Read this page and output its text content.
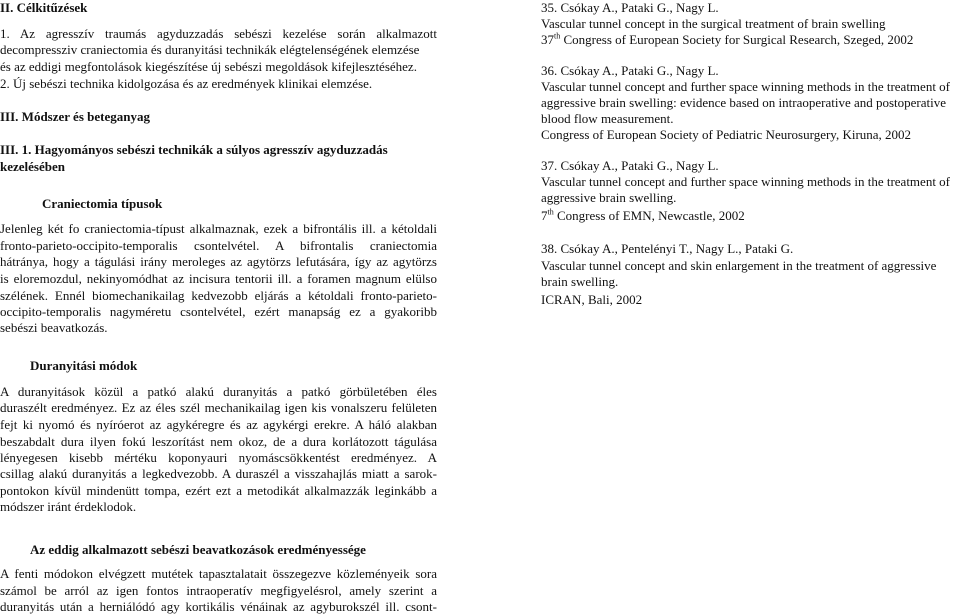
II. Célkitűzések
1. Az agresszív traumás agyduzzadás sebészi kezelése során alkalmazott
decompressziv craniectomia és duranyitási technikák elégtelenségének elemzése
és az eddigi megfontolások kiegészítése új sebészi megoldások kifejlesztéséhez.
2. Új sebészi technika kidolgozása és az eredmények klinikai elemzése.
III. Módszer és beteganyag
III. 1. Hagyományos sebészi technikák a súlyos agresszív agyduzzadás
kezelésében
Craniectomia típusok
Jelenleg két fo craniectomia-típust alkalmaznak, ezek a bifrontális ill. a kétoldali
fronto-parieto-occipito-temporalis csontelvétel. A bifrontalis craniectomia
hátránya, hogy a tágulási irány meroleges az agytörzs lefutására, így az agytörzs
is eloremozdul, nekinyomódhat az incisura tentorii ill. a foramen magnum elülso
szélének. Ennél biomechanikailag kedvezobb eljárás a kétoldali fronto-parieto-
occipito-temporalis nagyméretu csontelvétel, ezért manapság ez a gyakoribb
sebészi beavatkozás.
Duranyitási módok
A duranyitások közül a patkó alakú duranyitás a patkó görbületében éles
duraszélt eredményez. Ez az éles szél mechanikailag igen kis vonalszeru felületen
fejt ki nyomó és nyíróerot az agykéregre és az agykérgi erekre. A háló alakban
beszabdalt dura ilyen fokú leszorítást nem okoz, de a dura korlátozott tágulása
lényegesen kisebb mértéku koponyauri nyomáscsökkentést eredményez. A
csillag alakú duranyitás a legkedvezobb. A duraszél a visszahajlás miatt a sarok-
pontokon kívül mindenütt tompa, ezért ezt a metodikát alkalmazzák leginkább a
módszer iránt érdeklodok.
Az eddig alkalmazott sebészi beavatkozások eredményessége
A fenti módokon elvégzett mutétek tapasztalatait összegezve közleményeik sora
számol be arról az igen fontos intraoperatív megfigyelésrol, amely szerint a
duranyitás után a herniálódó agy kortikális vénáinak az agyburokszél ill. csont-
35. Csókay A., Pataki G., Nagy L.
Vascular tunnel concept in the surgical treatment of brain swelling
37th Congress of European Society for Surgical Research, Szeged, 2002
36. Csókay A., Pataki G., Nagy L.
Vascular tunnel concept and further space winning methods in the treatment of
aggressive brain swelling: evidence based on intraoperative and postoperative
blood flow measurement.
Congress of European Society of Pediatric Neurosurgery, Kiruna, 2002
37. Csókay A., Pataki G., Nagy L.
Vascular tunnel concept and further space winning methods in the treatment of
aggressive brain swelling.
7th Congress of EMN, Newcastle, 2002
38. Csókay A., Pentelényi T., Nagy L., Pataki G.
Vascular tunnel concept and skin enlargement in the treatment of aggressive
brain swelling.
ICRAN, Bali, 2002
